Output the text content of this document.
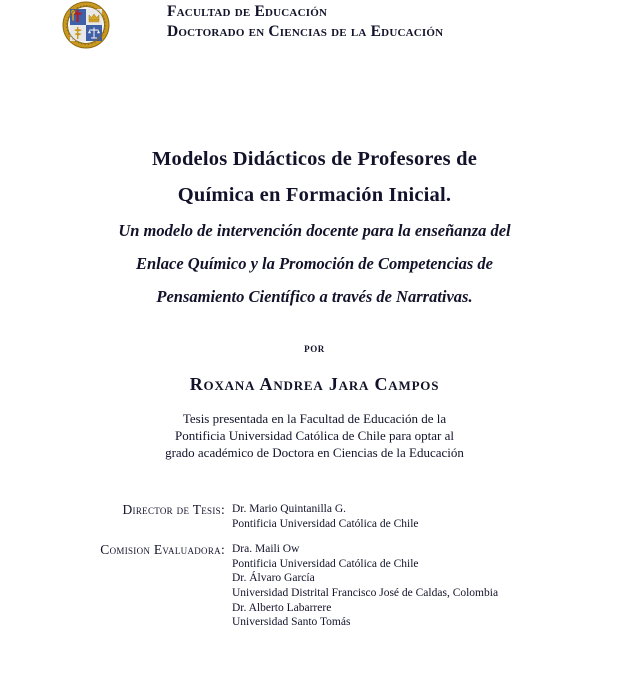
Facultad de Educación
Doctorado en Ciencias de la Educación
Modelos Didácticos de Profesores de
Química en Formación Inicial.
Un modelo de intervención docente para la enseñanza del
Enlace Químico y la Promoción de Competencias de
Pensamiento Científico a través de Narrativas.
por
Roxana Andrea Jara Campos
Tesis presentada en la Facultad de Educación de la
Pontificia Universidad Católica de Chile para optar al
grado académico de Doctora en Ciencias de la Educación
Director de Tesis: Dr. Mario Quintanilla G.
Pontificia Universidad Católica de Chile
Comision Evaluadora: Dra. Maili Ow
Pontificia Universidad Católica de Chile
Dr. Álvaro García
Universidad Distrital Francisco José de Caldas, Colombia
Dr. Alberto Labarrere
Universidad Santo Tomás
